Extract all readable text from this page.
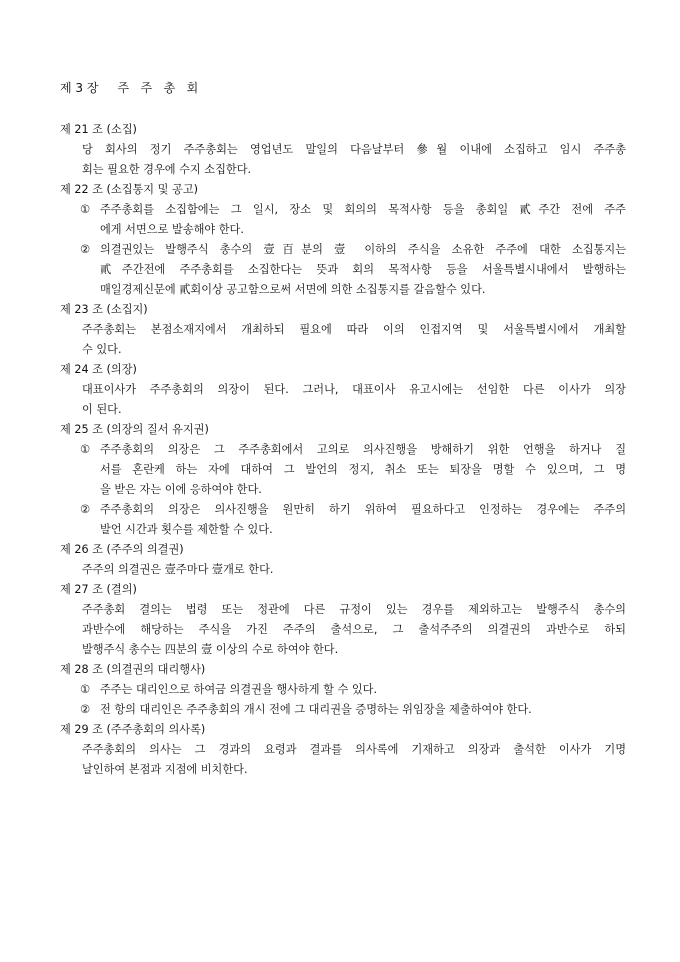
제 3 장     주   주   총   회
제 21 조 (소집)
당 회사의 정기 주주총회는 영업년도 말일의 다음날부터 參월 이내에 소집하고 임시 주주총
회는 필요한 경우에 수지 소집한다.
제 22 조 (소집통지 및 공고)
① 주주총회를 소집함에는 그 일시, 장소 및 회의의 목적사항 등을 총회일 貳주간 전에 주주
에게 서면으로 발송해야 한다.
② 의결권있는 발행주식 총수의 壹百분의 壹 이하의 주식을 소유한 주주에 대한 소집통지는
貳주간전에 주주총회를 소집한다는 뜻과 회의 목적사항 등을 서울특별시내에서 발행하는
매일경제신문에 貳회이상 공고함으로써 서면에 의한 소집통지를 갈음할수 있다.
제 23 조 (소집지)
주주총회는 본점소재지에서 개최하되 필요에 따라 이의 인접지역 및 서울특별시에서 개최할
수 있다.
제 24 조 (의장)
대표이사가 주주총회의 의장이 된다. 그러나, 대표이사 유고시에는 선임한 다른 이사가 의장
이 된다.
제 25 조 (의장의 질서 유지권)
① 주주총회의 의장은 그 주주총회에서 고의로 의사진행을 방해하기 위한 언행을 하거나 질
서를 혼란케 하는 자에 대하여 그 발언의 정지, 취소 또는 퇴장을 명할 수 있으며, 그 명
을 받은 자는 이에 응하여야 한다.
② 주주총회의 의장은 의사진행을 원만히 하기 위하여 필요하다고 인정하는 경우에는 주주의
발언 시간과 횟수를 제한할 수 있다.
제 26 조 (주주의 의결권)
주주의 의결권은 壹주마다 壹개로 한다.
제 27 조 (결의)
주주총회 결의는 법령 또는 정관에 다른 규정이 있는 경우를 제외하고는 발행주식 총수의
과반수에 해당하는 주식을 가진 주주의 출석으로, 그 출석주주의 의결권의 과반수로 하되
발행주식 총수는 四분의 壹 이상의 수로 하여야 한다.
제 28 조 (의결권의 대리행사)
① 주주는 대리인으로 하여금 의결권을 행사하게 할 수 있다.
② 전 항의 대리인은 주주총회의 개시 전에 그 대리권을 증명하는 위임장을 제출하여야 한다.
제 29 조 (주주총회의 의사록)
주주총회의 의사는 그 경과의 요령과 결과를 의사록에 기재하고 의장과 출석한 이사가 기명
날인하여 본점과 지점에 비치한다.
